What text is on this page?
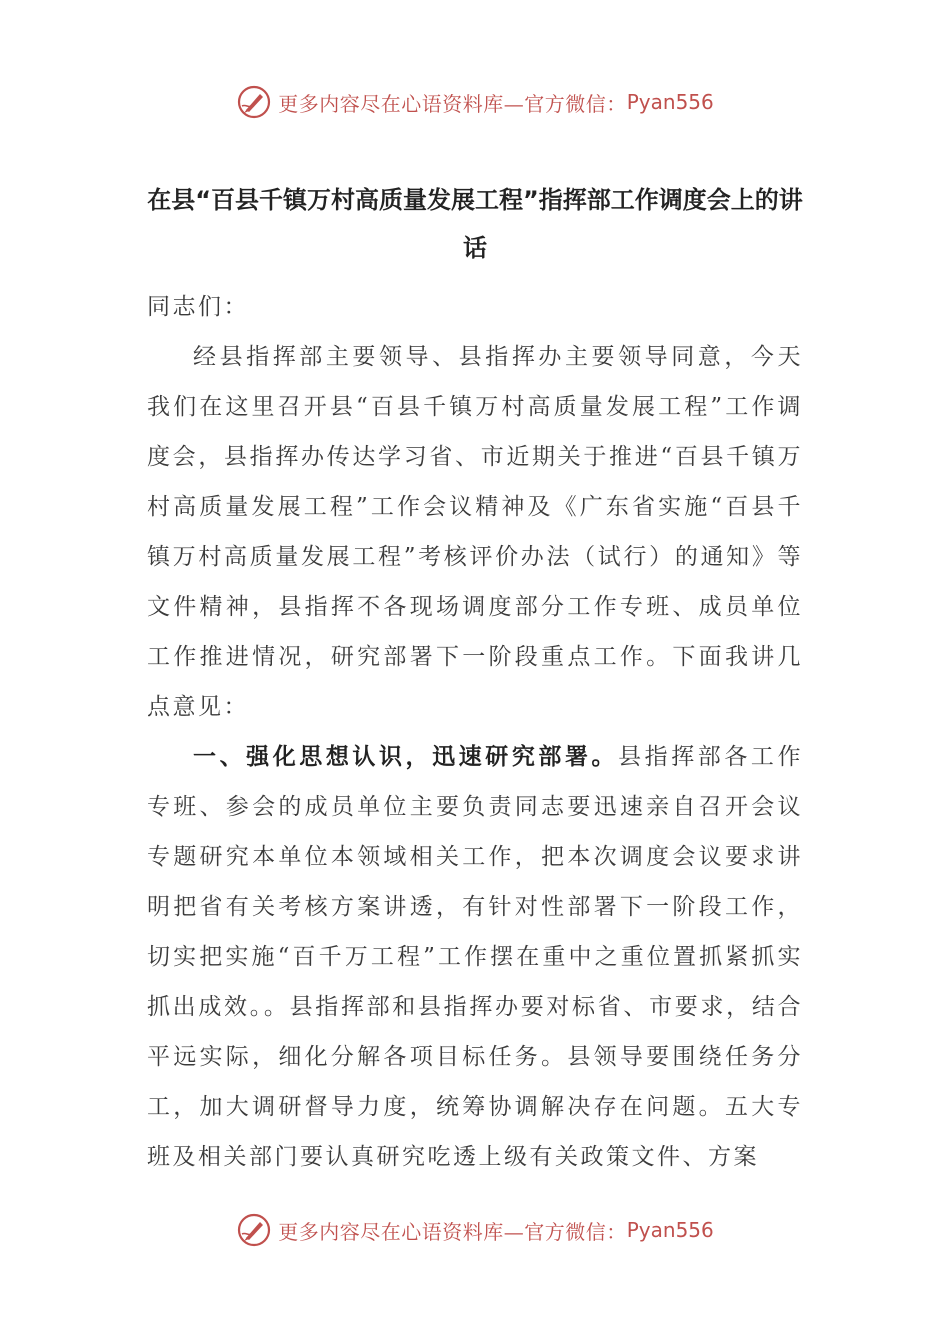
更多内容尽在心语资料库—官方微信： Pyan556
在县“百县千镇万村高质量发展工程”指挥部工作调度会上的讲话

同志们：

经县指挥部主要领导、县指挥办主要领导同意，今天我们在这里召开县“百县千镇万村高质量发展工程”工作调度会，县指挥办传达学习省、市近期关于推进“百县千镇万村高质量发展工程”工作会议精神及《广东省实施“百县千镇万村高质量发展工程”考核评价办法（试行）的通知》等文件精神，县指挥不各现场调度部分工作专班、成员单位工作推进情况，研究部署下一阶段重点工作。下面我讲几点意见：

一、强化思想认识，迅速研究部署。县指挥部各工作专班、参会的成员单位主要负责同志要迅速亲自召开会议专题研究本单位本领域相关工作，把本次调度会议要求讲明把省有关考核方案讲透，有针对性部署下一阶段工作，切实把实施“百千万工程”工作摆在重中之重位置抓紧抓实抓出成效。。县指挥部和县指挥办要对标省、市要求，结合平远实际，细化分解各项目标任务。县领导要围绕任务分工，加大调研督导力度，统筹协调解决存在问题。五大专班及相关部门要认真研究吃透上级有关政策文件、方案

更多内容尽在心语资料库—官方微信： Pyan556
